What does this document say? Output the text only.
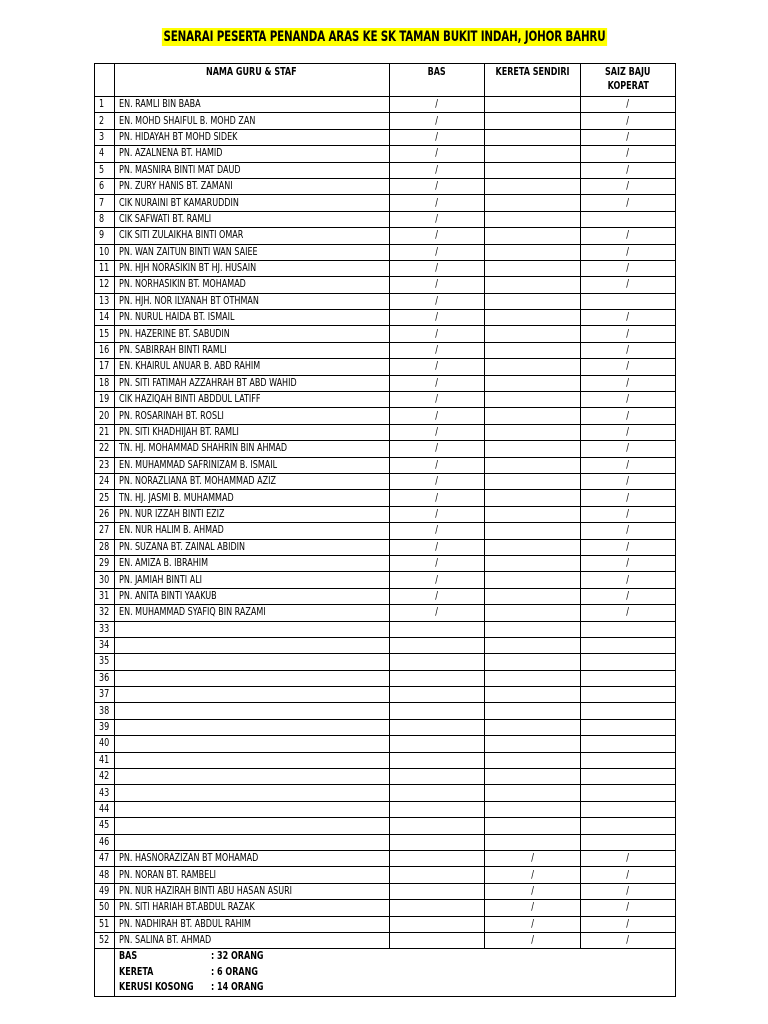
SENARAI PESERTA PENANDA ARAS KE SK TAMAN BUKIT INDAH, JOHOR BAHRU
	NAMA GURU & STAF	BAS	KERETA SENDIRI	SAIZ BAJU
KOPERAT
1	EN. RAMLI BIN BABA	/		/
2	EN. MOHD SHAIFUL B. MOHD ZAN	/		/
3	PN. HIDAYAH BT MOHD SIDEK	/		/
4	PN. AZALNENA BT. HAMID	/		/
5	PN. MASNIRA BINTI MAT DAUD	/		/
6	PN. ZURY HANIS BT. ZAMANI	/		/
7	CIK NURAINI BT KAMARUDDIN	/		/
8	CIK SAFWATI BT. RAMLI	/		
9	CIK SITI ZULAIKHA BINTI OMAR	/		/
10	PN. WAN ZAITUN BINTI WAN SAIEE	/		/
11	PN. HJH NORASIKIN BT HJ. HUSAIN	/		/
12	PN. NORHASIKIN BT. MOHAMAD	/		/
13	PN. HJH. NOR ILYANAH BT OTHMAN	/		
14	PN. NURUL HAIDA BT. ISMAIL	/		/
15	PN. HAZERINE BT. SABUDIN	/		/
16	PN. SABIRRAH BINTI RAMLI	/		/
17	EN. KHAIRUL ANUAR B. ABD RAHIM	/		/
18	PN. SITI FATIMAH AZZAHRAH BT ABD WAHID	/		/
19	CIK HAZIQAH BINTI ABDDUL LATIFF	/		/
20	PN. ROSARINAH BT. ROSLI	/		/
21	PN. SITI KHADHIJAH BT. RAMLI	/		/
22	TN. HJ. MOHAMMAD SHAHRIN BIN AHMAD	/		/
23	EN. MUHAMMAD SAFRINIZAM B. ISMAIL	/		/
24	PN. NORAZLIANA BT. MOHAMMAD AZIZ	/		/
25	TN. HJ. JASMI B. MUHAMMAD	/		/
26	PN. NUR IZZAH BINTI EZIZ	/		/
27	EN. NUR HALIM B. AHMAD	/		/
28	PN. SUZANA BT. ZAINAL ABIDIN	/		/
29	EN. AMIZA B. IBRAHIM	/		/
30	PN. JAMIAH BINTI ALI	/		/
31	PN. ANITA BINTI YAAKUB	/		/
32	EN. MUHAMMAD SYAFIQ BIN RAZAMI	/		/
33				
34				
35				
36				
37				
38				
39				
40				
41				
42				
43				
44				
45				
46				
47	PN. HASNORAZIZAN BT MOHAMAD		/	/
48	PN. NORAN BT. RAMBELI		/	/
49	PN. NUR HAZIRAH BINTI ABU HASAN ASURI		/	/
50	PN. SITI HARIAH BT.ABDUL RAZAK		/	/
51	PN. NADHIRAH BT. ABDUL RAHIM		/	/
52	PN. SALINA BT. AHMAD		/	/

	BAS : 32 ORANG
KERETA : 6 ORANG
KERUSI KOSONG : 14 ORANG			
